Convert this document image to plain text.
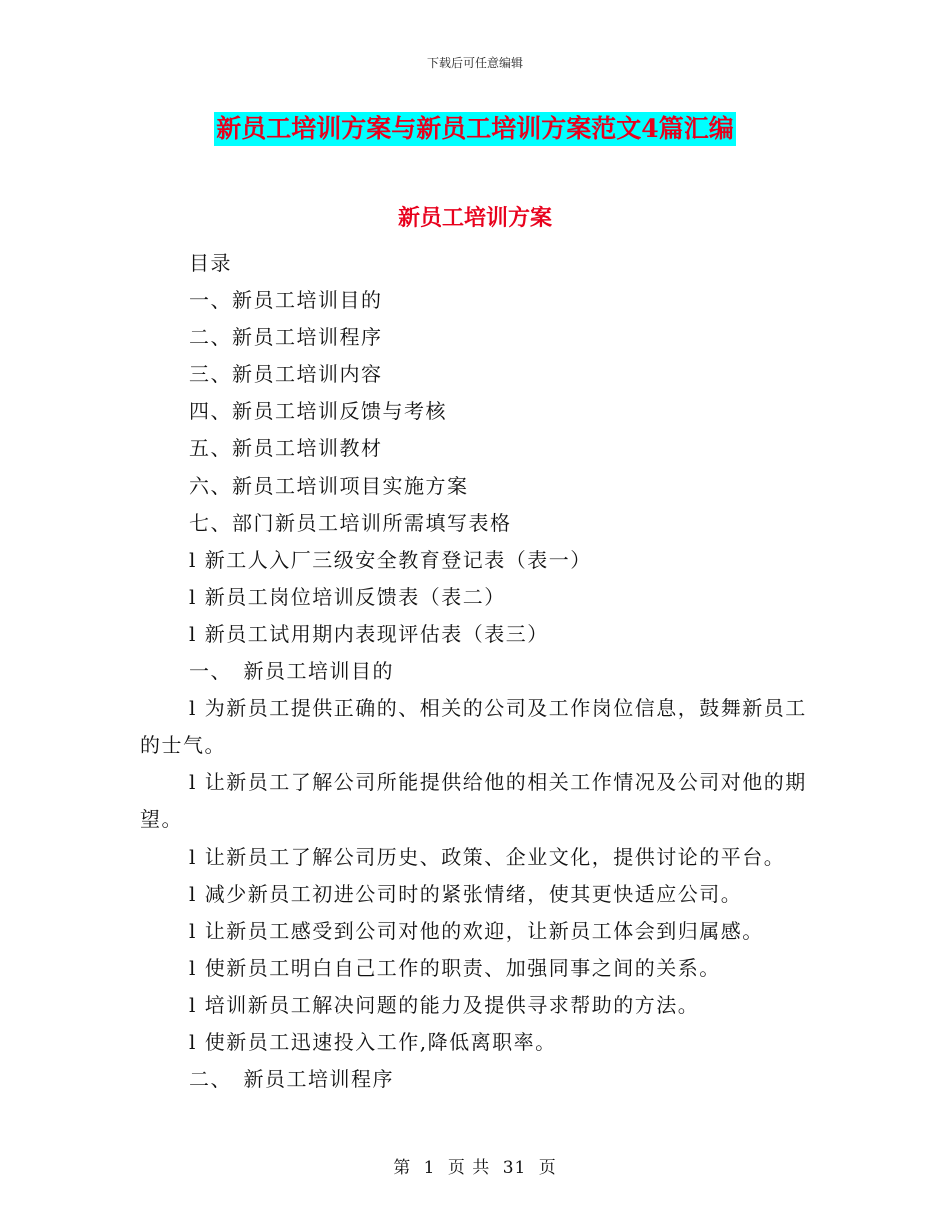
下载后可任意编辑
新员工培训方案与新员工培训方案范文4篇汇编
新员工培训方案

目录

一、新员工培训目的

二、新员工培训程序

三、新员工培训内容

四、新员工培训反馈与考核

五、新员工培训教材

六、新员工培训项目实施方案

七、部门新员工培训所需填写表格

l 新工人入厂三级安全教育登记表（表一）

l 新员工岗位培训反馈表（表二）

l 新员工试用期内表现评估表（表三）

一、　新员工培训目的

l 为新员工提供正确的、相关的公司及工作岗位信息，鼓舞新员工的士气。

l 让新员工了解公司所能提供给他的相关工作情况及公司对他的期望。

l 让新员工了解公司历史、政策、企业文化，提供讨论的平台。

l 减少新员工初进公司时的紧张情绪，使其更快适应公司。

l 让新员工感受到公司对他的欢迎，让新员工体会到归属感。

l 使新员工明白自己工作的职责、加强同事之间的关系。

l 培训新员工解决问题的能力及提供寻求帮助的方法。

l 使新员工迅速投入工作,降低离职率。

二、　新员工培训程序

第 1 页 共 31 页
